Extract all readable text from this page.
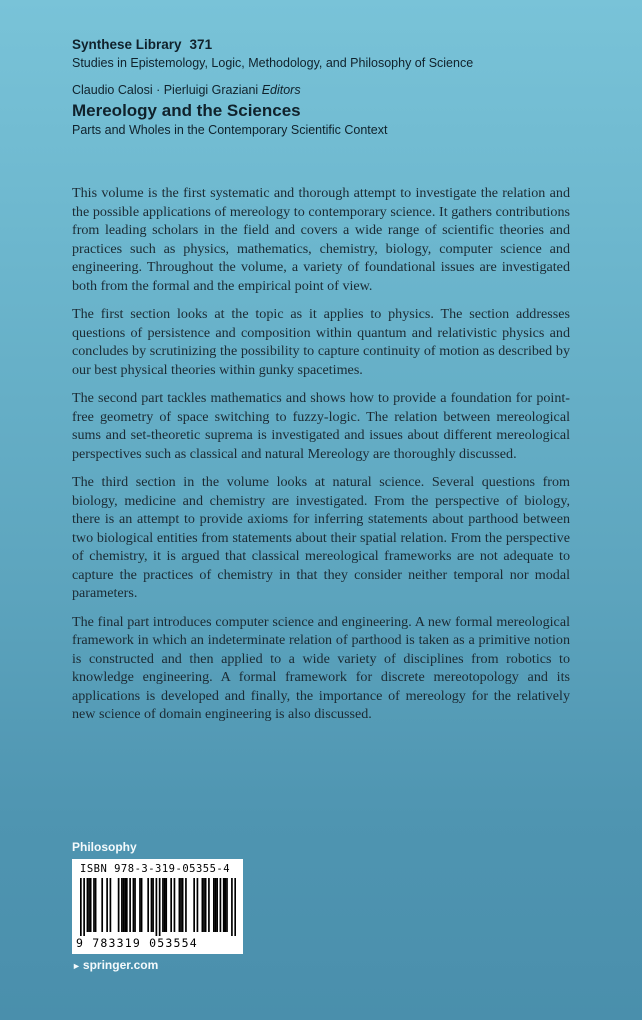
Synthese Library 371
Studies in Epistemology, Logic, Methodology, and Philosophy of Science
Claudio Calosi · Pierluigi Graziani Editors
Mereology and the Sciences
Parts and Wholes in the Contemporary Scientific Context

This volume is the first systematic and thorough attempt to investigate the relation and the possible applications of mereology to contemporary science. It gathers contributions from leading scholars in the field and covers a wide range of scientific theories and practices such as physics, mathematics, chemistry, biology, computer science and engineering. Throughout the volume, a variety of foundational issues are investigated both from the formal and the empirical point of view.

The first section looks at the topic as it applies to physics. The section addresses questions of persistence and composition within quantum and relativistic physics and concludes by scrutinizing the possibility to capture continuity of motion as described by our best physical theories within gunky spacetimes.

The second part tackles mathematics and shows how to provide a foundation for point-free geometry of space switching to fuzzy-logic. The relation between mereological sums and set-theoretic suprema is investigated and issues about different mereological perspectives such as classical and natural Mereology are thoroughly discussed.

The third section in the volume looks at natural science. Several questions from biology, medicine and chemistry are investigated. From the perspective of biology, there is an attempt to provide axioms for inferring statements about parthood between two biological entities from statements about their spatial relation. From the perspective of chemistry, it is argued that classical mereological frameworks are not adequate to capture the practices of chemistry in that they consider neither temporal nor modal parameters.

The final part introduces computer science and engineering. A new formal mereological framework in which an indeterminate relation of parthood is taken as a primitive notion is constructed and then applied to a wide variety of disciplines from robotics to knowledge engineering. A formal framework for discrete mereotopology and its applications is developed and finally, the importance of mereology for the relatively new science of domain engineering is also discussed.

Philosophy
ISBN 978-3-319-05355-4
9 783319 053554
► springer.com
